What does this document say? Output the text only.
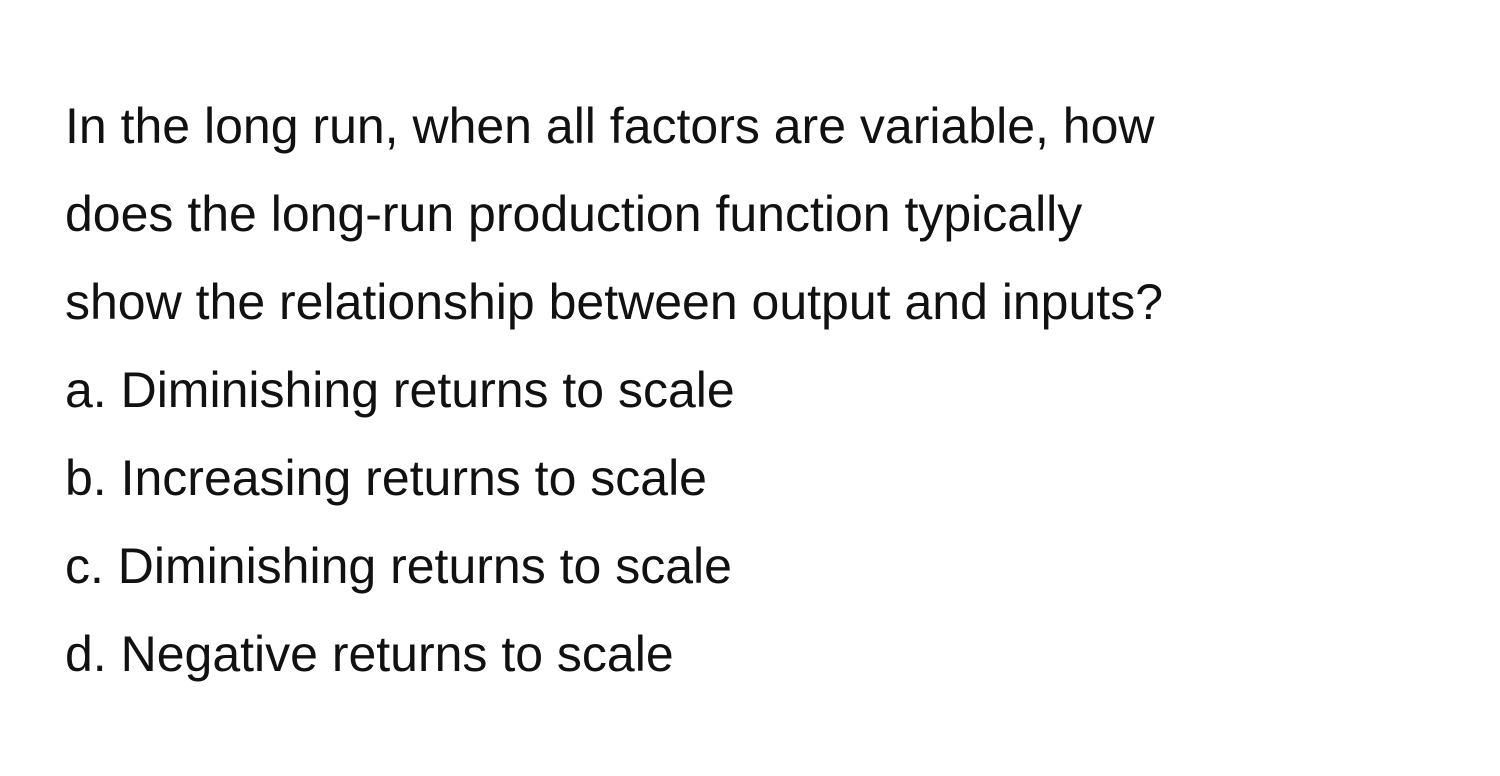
In the long run, when all factors are variable, how
does the long-run production function typically
show the relationship between output and inputs?
a. Diminishing returns to scale
b. Increasing returns to scale
c. Diminishing returns to scale
d. Negative returns to scale
